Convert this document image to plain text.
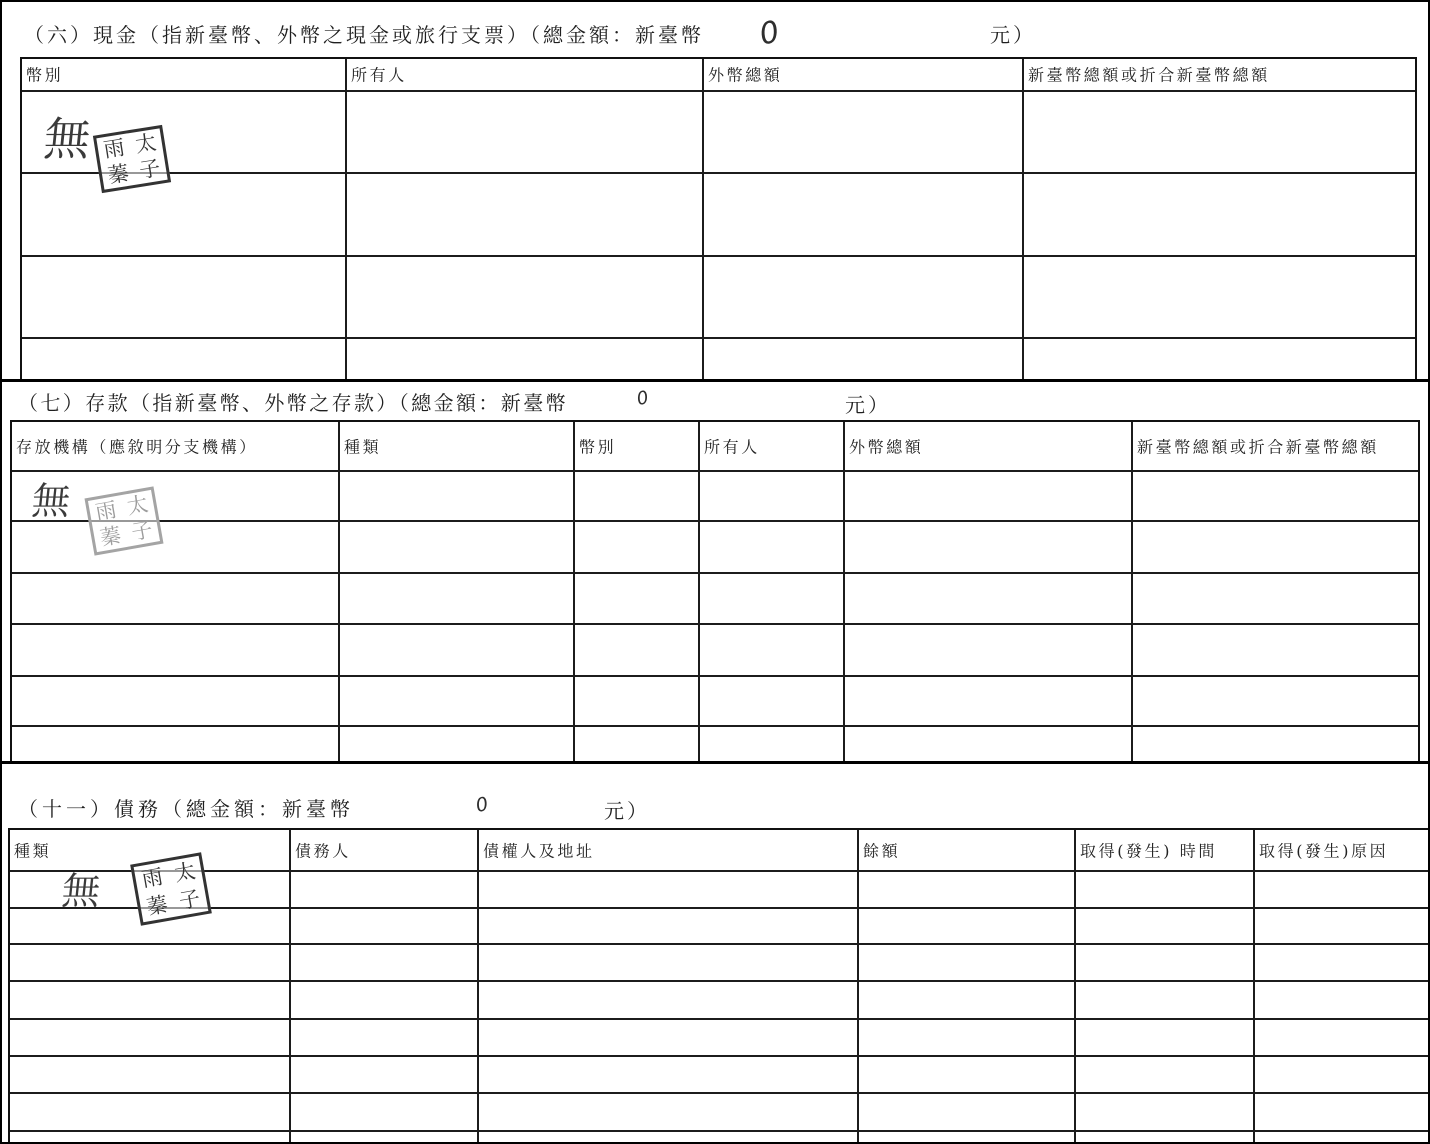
幣別	所有人	外幣總額	新臺幣總額或折合新臺幣總額
（六）現金（指新臺幣、外幣之現金或旅行支票）（總金額：新臺幣 0	元）
無 雨 太
蓁 子
存放機構（應敘明分支機構）	種類	幣別	所有人	外幣總額	新臺幣總額或折合新臺幣總額
（七）存款（指新臺幣、外幣之存款）（總金額：新臺幣	0	元）
無 雨 太
蓁 子
種類	債務人	債權人及地址	餘額	取得(發生) 時間	取得(發生)原因
（十一）債務（總金額：新臺幣	0	元）
無 雨 太
蓁 子
